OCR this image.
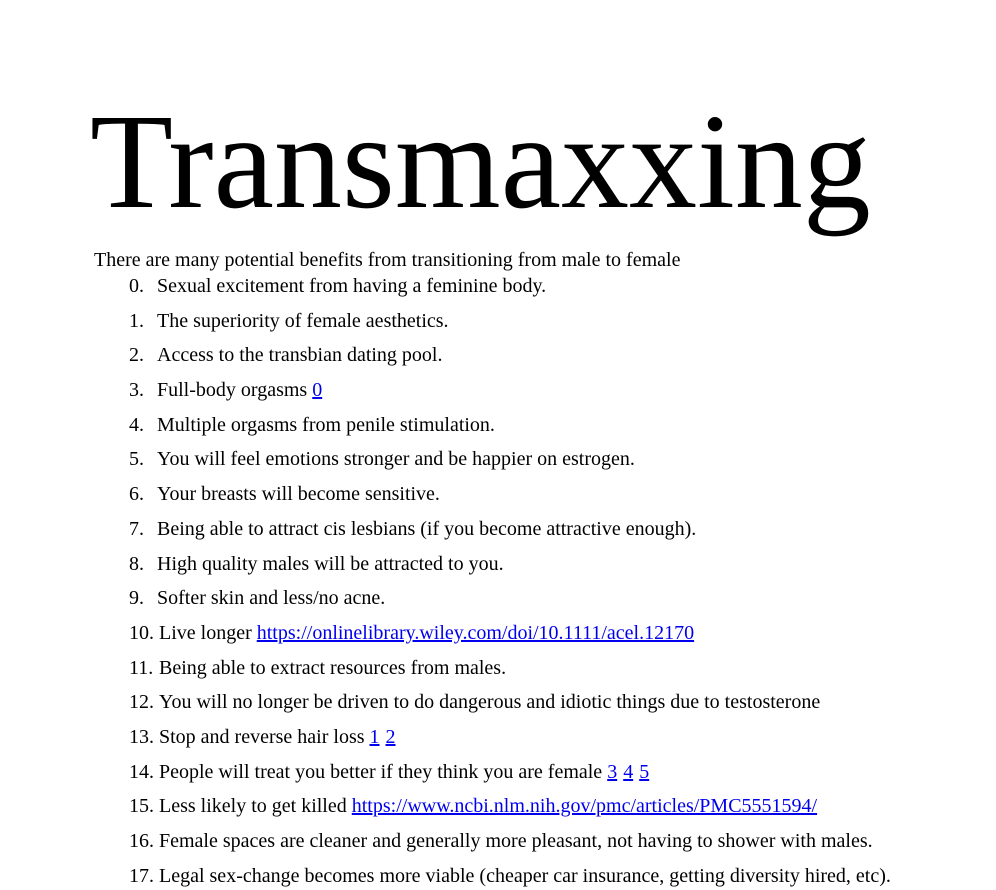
Transmaxxing

There are many potential benefits from transitioning from male to female

0. Sexual excitement from having a feminine body.
1. The superiority of female aesthetics.
2. Access to the transbian dating pool.
3. Full-body orgasms 0
4. Multiple orgasms from penile stimulation.
5. You will feel emotions stronger and be happier on estrogen.
6. Your breasts will become sensitive.
7. Being able to attract cis lesbians (if you become attractive enough).
8. High quality males will be attracted to you.
9. Softer skin and less/no acne.
10. Live longer https://onlinelibrary.wiley.com/doi/10.1111/acel.12170
11. Being able to extract resources from males.
12. You will no longer be driven to do dangerous and idiotic things due to testosterone
13. Stop and reverse hair loss 1 2
14. People will treat you better if they think you are female 3 4 5
15. Less likely to get killed https://www.ncbi.nlm.nih.gov/pmc/articles/PMC5551594/
16. Female spaces are cleaner and generally more pleasant, not having to shower with males.
17. Legal sex-change becomes more viable (cheaper car insurance, getting diversity hired, etc).
